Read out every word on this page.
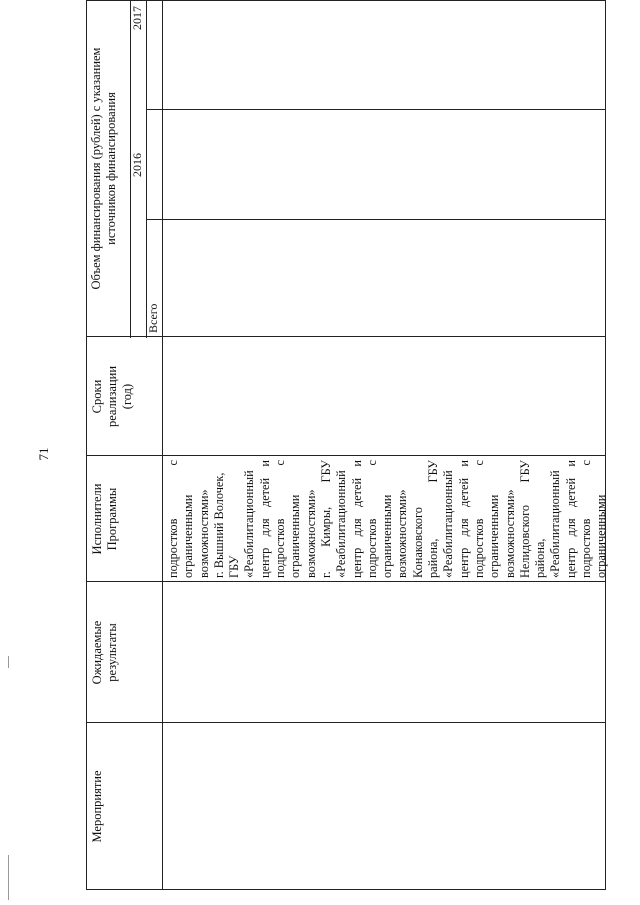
71
Мероприятие
Ожидаемые результаты
Исполнители Программы
Сроки реализации (год)
Объем финансирования (рублей) с указанием источников финансирования
Всего
2016
2017
подростков
с
ограниченными возможностями» г. Вышний Волочек, ГБУ «Реабилитационный центр
для
детей
и
подростков
с
ограниченными возможностями» г.
Кимры,
ГБУ «Реабилитационный центр
для
детей
и
подростков
с
ограниченными возможностями» Конаковского района,
ГБУ «Реабилитационный центр
для
детей
и
подростков
с
ограниченными возможностями» Нелидовского
ГБУ
района, «Реабилитационный центр
для
детей
и
подростков
с
ограниченными
